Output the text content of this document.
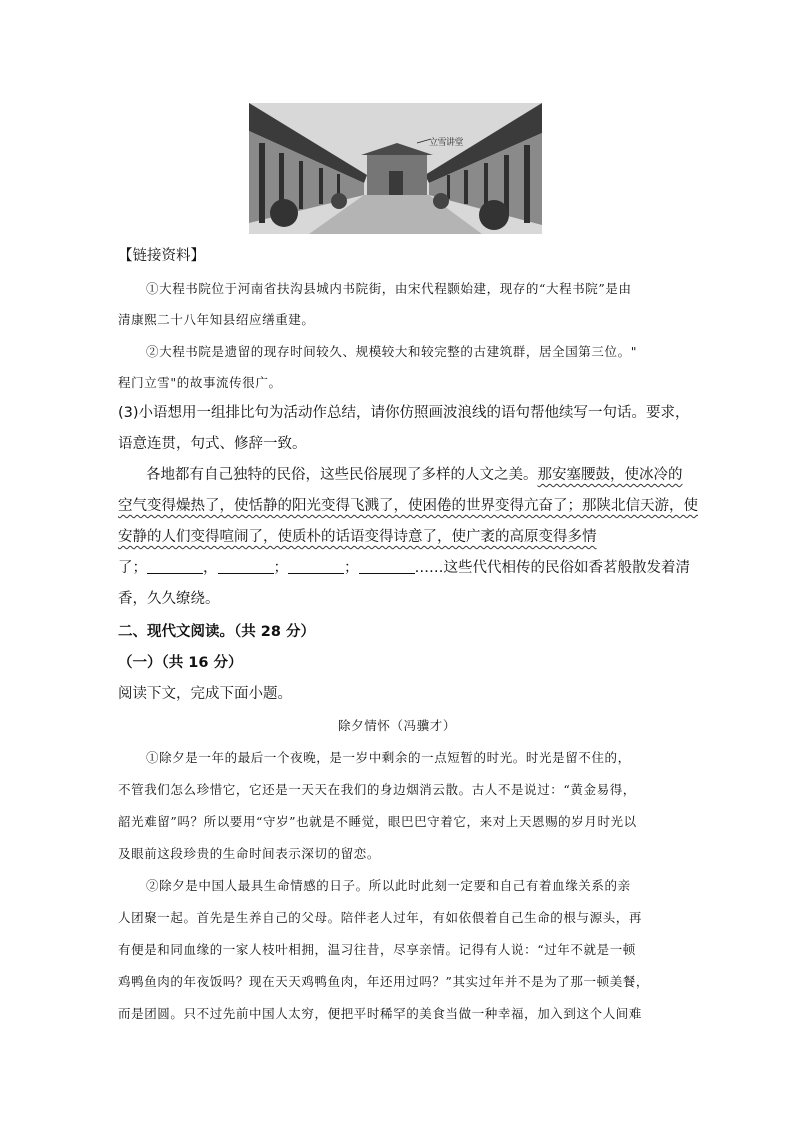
立雪讲堂
【链接资料】
①大程书院位于河南省扶沟县城内书院街，由宋代程颢始建，现存的“大程书院”是由
清康熙二十八年知县绍应缮重建。
②大程书院是遗留的现存时间较久、规模较大和较完整的古建筑群，居全国第三位。"
程门立雪"的故事流传很广。
(3)小语想用一组排比句为活动作总结，请你仿照画波浪线的语句帮他续写一句话。要求，
语意连贯，句式、修辞一致。
各地都有自己独特的民俗，这些民俗展现了多样的人文之美。那安塞腰鼓，使冰冷的
空气变得燥热了，使恬静的阳光变得飞溅了，使困倦的世界变得亢奋了；那陕北信天游，使
安静的人们变得喧闹了，使质朴的话语变得诗意了，使广袤的高原变得多情
了；	，	；	；	……这些代代相传的民俗如香茗般散发着清
香，久久缭绕。
二、现代文阅读。（共 28 分）
（一）（共 16 分）
阅读下文，完成下面小题。
除夕情怀（冯骥才）
①除夕是一年的最后一个夜晚，是一岁中剩余的一点短暂的时光。时光是留不住的，
不管我们怎么珍惜它，它还是一天天在我们的身边烟消云散。古人不是说过：“黄金易得，
韶光难留”吗？所以要用“守岁”也就是不睡觉，眼巴巴守着它，来对上天恩赐的岁月时光以
及眼前这段珍贵的生命时间表示深切的留恋。
②除夕是中国人最具生命情感的日子。所以此时此刻一定要和自己有着血缘关系的亲
人团聚一起。首先是生养自己的父母。陪伴老人过年，有如依偎着自己生命的根与源头，再
有便是和同血缘的一家人枝叶相拥，温习往昔，尽享亲情。记得有人说：“过年不就是一顿
鸡鸭鱼肉的年夜饭吗？现在天天鸡鸭鱼肉，年还用过吗？”其实过年并不是为了那一顿美餐，
而是团圆。只不过先前中国人太穷，便把平时稀罕的美食当做一种幸福，加入到这个人间难
